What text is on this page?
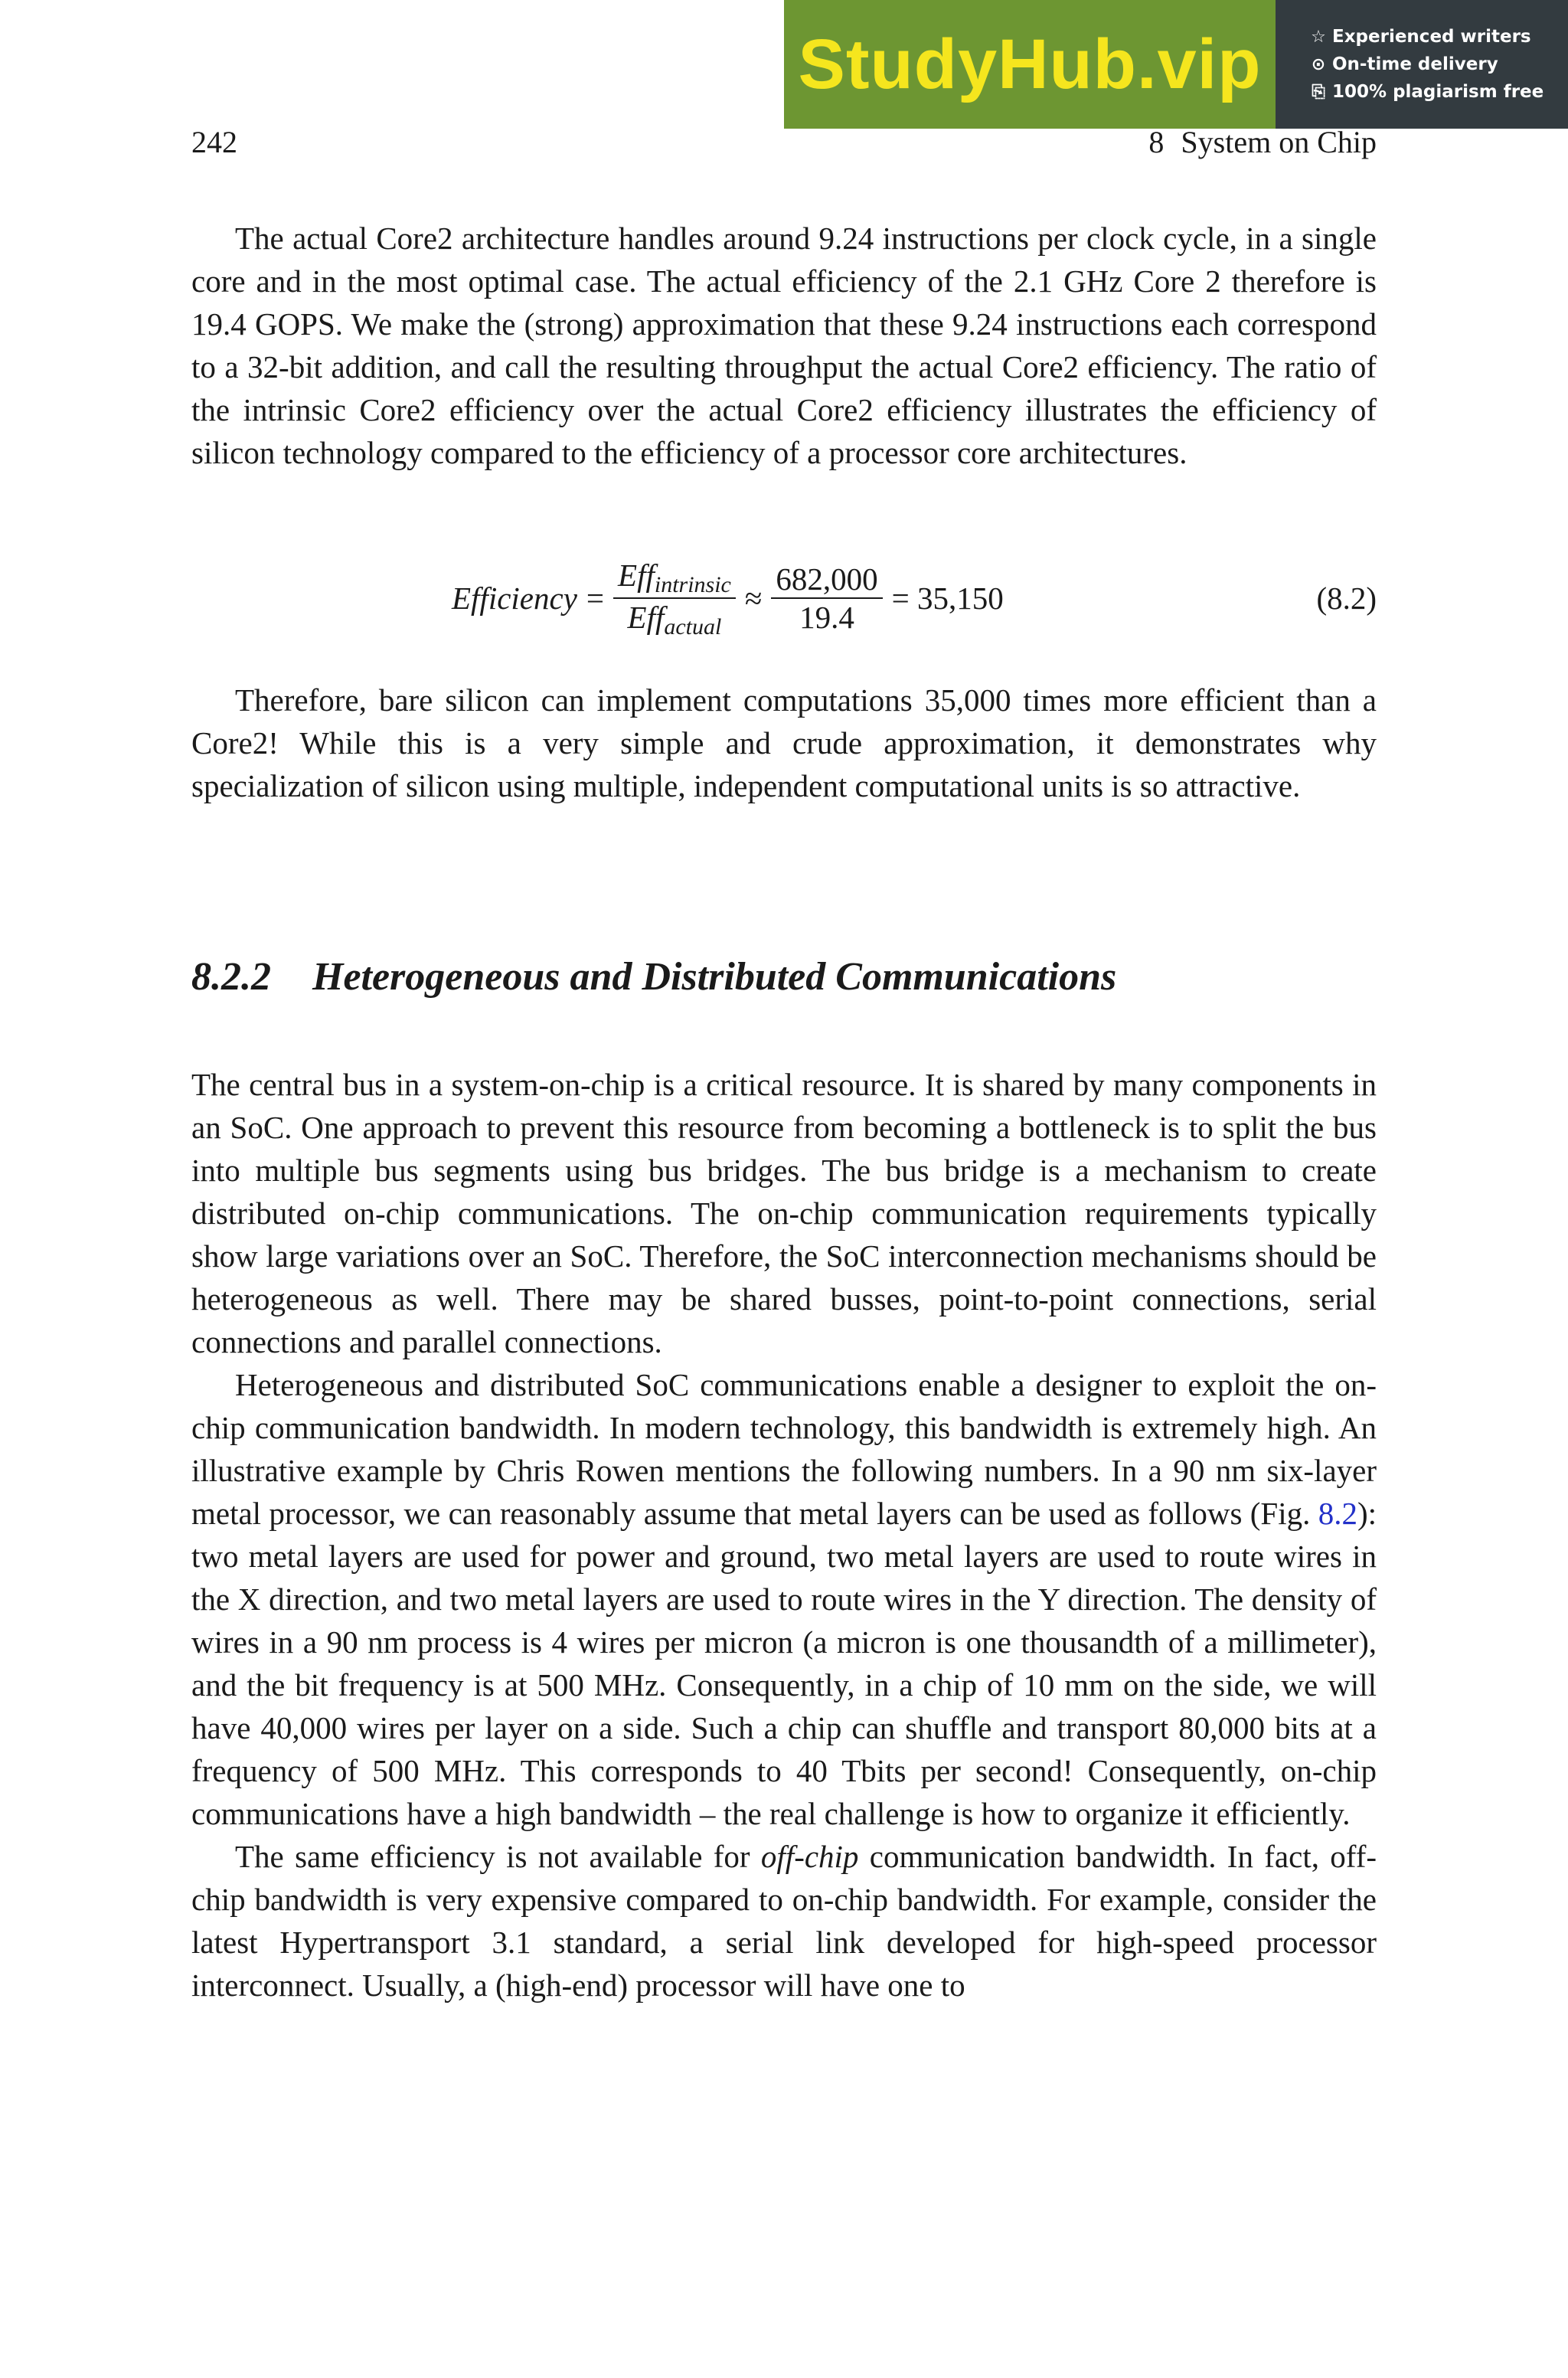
StudyHub.vip	☆ Experienced writers
⊙ On-time delivery
⎘ 100% plagiarism free
242	8 System on Chip

The actual Core2 architecture handles around 9.24 instructions per clock cycle, in a single core and in the most optimal case. The actual efficiency of the 2.1 GHz Core 2 therefore is 19.4 GOPS. We make the (strong) approximation that these 9.24 instructions each correspond to a 32-bit addition, and call the resulting throughput the actual Core2 efficiency. The ratio of the intrinsic Core2 efficiency over the actual Core2 efficiency illustrates the efficiency of silicon technology compared to the efficiency of a processor core architectures.

Efficiency = $\frac{\text{Effintrinsic}}{\text{Effactual}} \approx \frac{682,000}{19.4} = 35,150$	(8.2)

Therefore, bare silicon can implement computations 35,000 times more efficient than a Core2! While this is a very simple and crude approximation, it demonstrates why specialization of silicon using multiple, independent computational units is so attractive.

8.2.2 Heterogeneous and Distributed Communications

The central bus in a system-on-chip is a critical resource. It is shared by many components in an SoC. One approach to prevent this resource from becoming a bottleneck is to split the bus into multiple bus segments using bus bridges. The bus bridge is a mechanism to create distributed on-chip communications. The on-chip communication requirements typically show large variations over an SoC. Therefore, the SoC interconnection mechanisms should be heterogeneous as well. There may be shared busses, point-to-point connections, serial connections and parallel connections.

Heterogeneous and distributed SoC communications enable a designer to exploit the on-chip communication bandwidth. In modern technology, this bandwidth is extremely high. An illustrative example by Chris Rowen mentions the following numbers. In a 90 nm six-layer metal processor, we can reasonably assume that metal layers can be used as follows (Fig. 8.2): two metal layers are used for power and ground, two metal layers are used to route wires in the X direction, and two metal layers are used to route wires in the Y direction. The density of wires in a 90 nm process is 4 wires per micron (a micron is one thousandth of a millimeter), and the bit frequency is at 500 MHz. Consequently, in a chip of 10 mm on the side, we will have 40,000 wires per layer on a side. Such a chip can shuffle and transport 80,000 bits at a frequency of 500 MHz. This corresponds to 40 Tbits per second! Consequently, on-chip communications have a high bandwidth – the real challenge is how to organize it efficiently.

The same efficiency is not available for off-chip communication bandwidth. In fact, off-chip bandwidth is very expensive compared to on-chip bandwidth. For example, consider the latest Hypertransport 3.1 standard, a serial link developed for high-speed processor interconnect. Usually, a (high-end) processor will have one to
